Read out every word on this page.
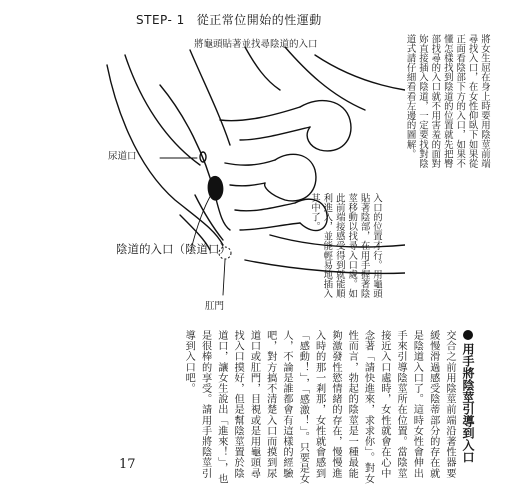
STEP- 1 從正常位開始的性運動
將龜頭貼著並找尋陰道的入口
尿道口
陰道的入口（陰道口）
肛門
將女生屈在身上時要用陰莖前端尋找入口，在女性仰臥下如果從正面看陰部下方的入口，如果不懂怎樣找到陰道的位置就先把臀部找尋的入口就不用害羞的面對妳直接插入陰道，一定要找對陰道式請仔細看看左邊的圖解。
入口的位置才行。用龜頭貼著陰部，在用手握著陰莖移動以找尋入口處。如此前端接感受得到就能順利進入，並能輕易地插入其中了。
用手將陰莖引導到入口
交合之前用陰莖前端沿著性器要緩慢滑過感受陰蒂部分的存在就是陰道入口了。這時女性會伸出手來引導陰莖所在位置。當陰莖接近入口處時，女性就會在心中念著「請快進來，求求你」。對女性而言，勃起的陰莖是一種最能夠激發性慾情緒的存在，慢慢進入時的那一剎那，女性就會感到「感動！」，「感激！」。只要是女人，不論是誰都會有這樣的經驗吧，對方搞不清楚入口而摸到尿道口或肛門，目視或是用龜頭尋找入口摸好，但是幫陰莖置於陰道口，讓女生說出「進來！」，也是很棒的享受。請用手將陰莖引導到入口吧。
17
